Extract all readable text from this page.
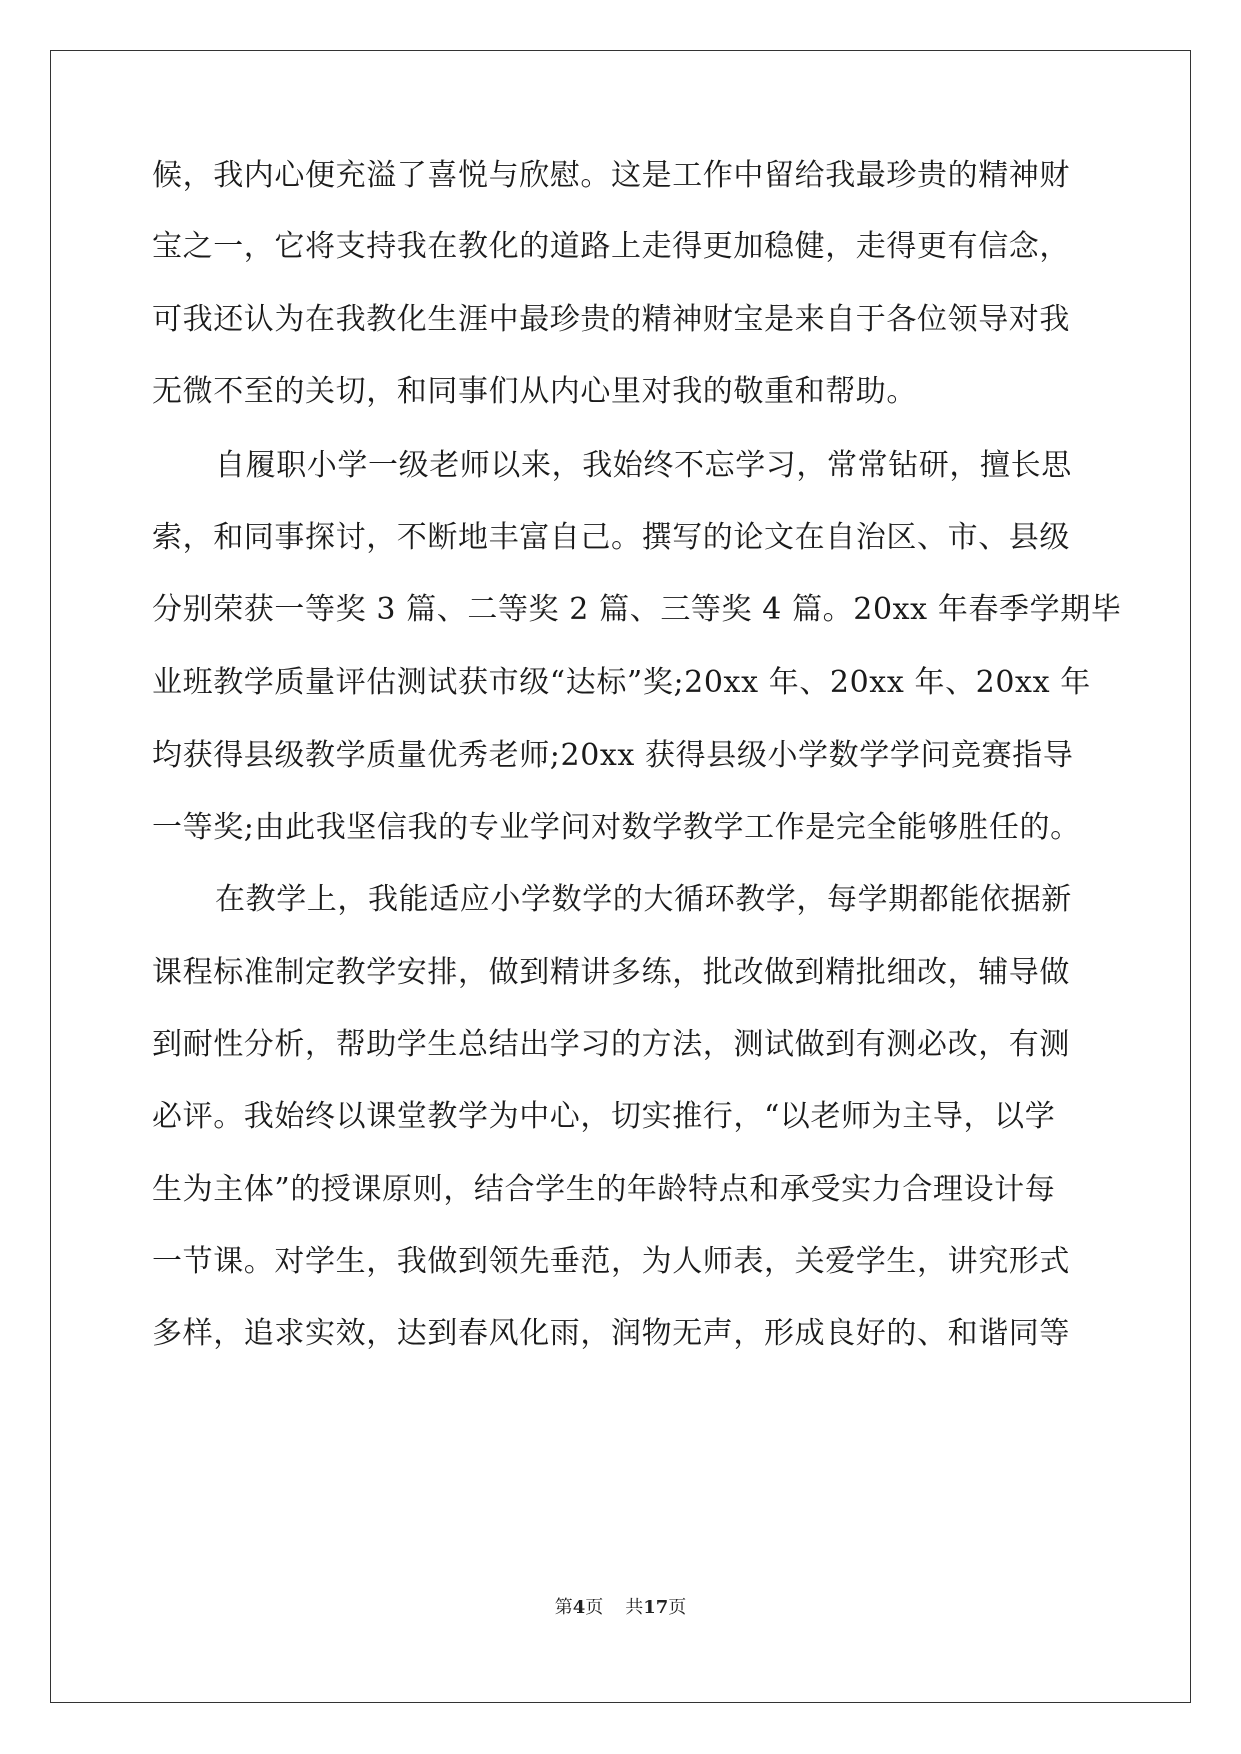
候，我内心便充溢了喜悦与欣慰。这是工作中留给我最珍贵的精神财
宝之一，它将支持我在教化的道路上走得更加稳健，走得更有信念，
可我还认为在我教化生涯中最珍贵的精神财宝是来自于各位领导对我
无微不至的关切，和同事们从内心里对我的敬重和帮助。
自履职小学一级老师以来，我始终不忘学习，常常钻研，擅长思
索，和同事探讨，不断地丰富自己。撰写的论文在自治区、市、县级
分别荣获一等奖 3 篇、二等奖 2 篇、三等奖 4 篇。20xx 年春季学期毕
业班教学质量评估测试获市级“达标”奖;20xx 年、20xx 年、20xx 年
均获得县级教学质量优秀老师;20xx 获得县级小学数学学问竞赛指导
一等奖;由此我坚信我的专业学问对数学教学工作是完全能够胜任的。
在教学上，我能适应小学数学的大循环教学，每学期都能依据新
课程标准制定教学安排，做到精讲多练，批改做到精批细改，辅导做
到耐性分析，帮助学生总结出学习的方法，测试做到有测必改，有测
必评。我始终以课堂教学为中心，切实推行，“以老师为主导，以学
生为主体”的授课原则，结合学生的年龄特点和承受实力合理设计每
一节课。对学生，我做到领先垂范，为人师表，关爱学生，讲究形式
多样，追求实效，达到春风化雨，润物无声，形成良好的、和谐同等
第4页 共17页
